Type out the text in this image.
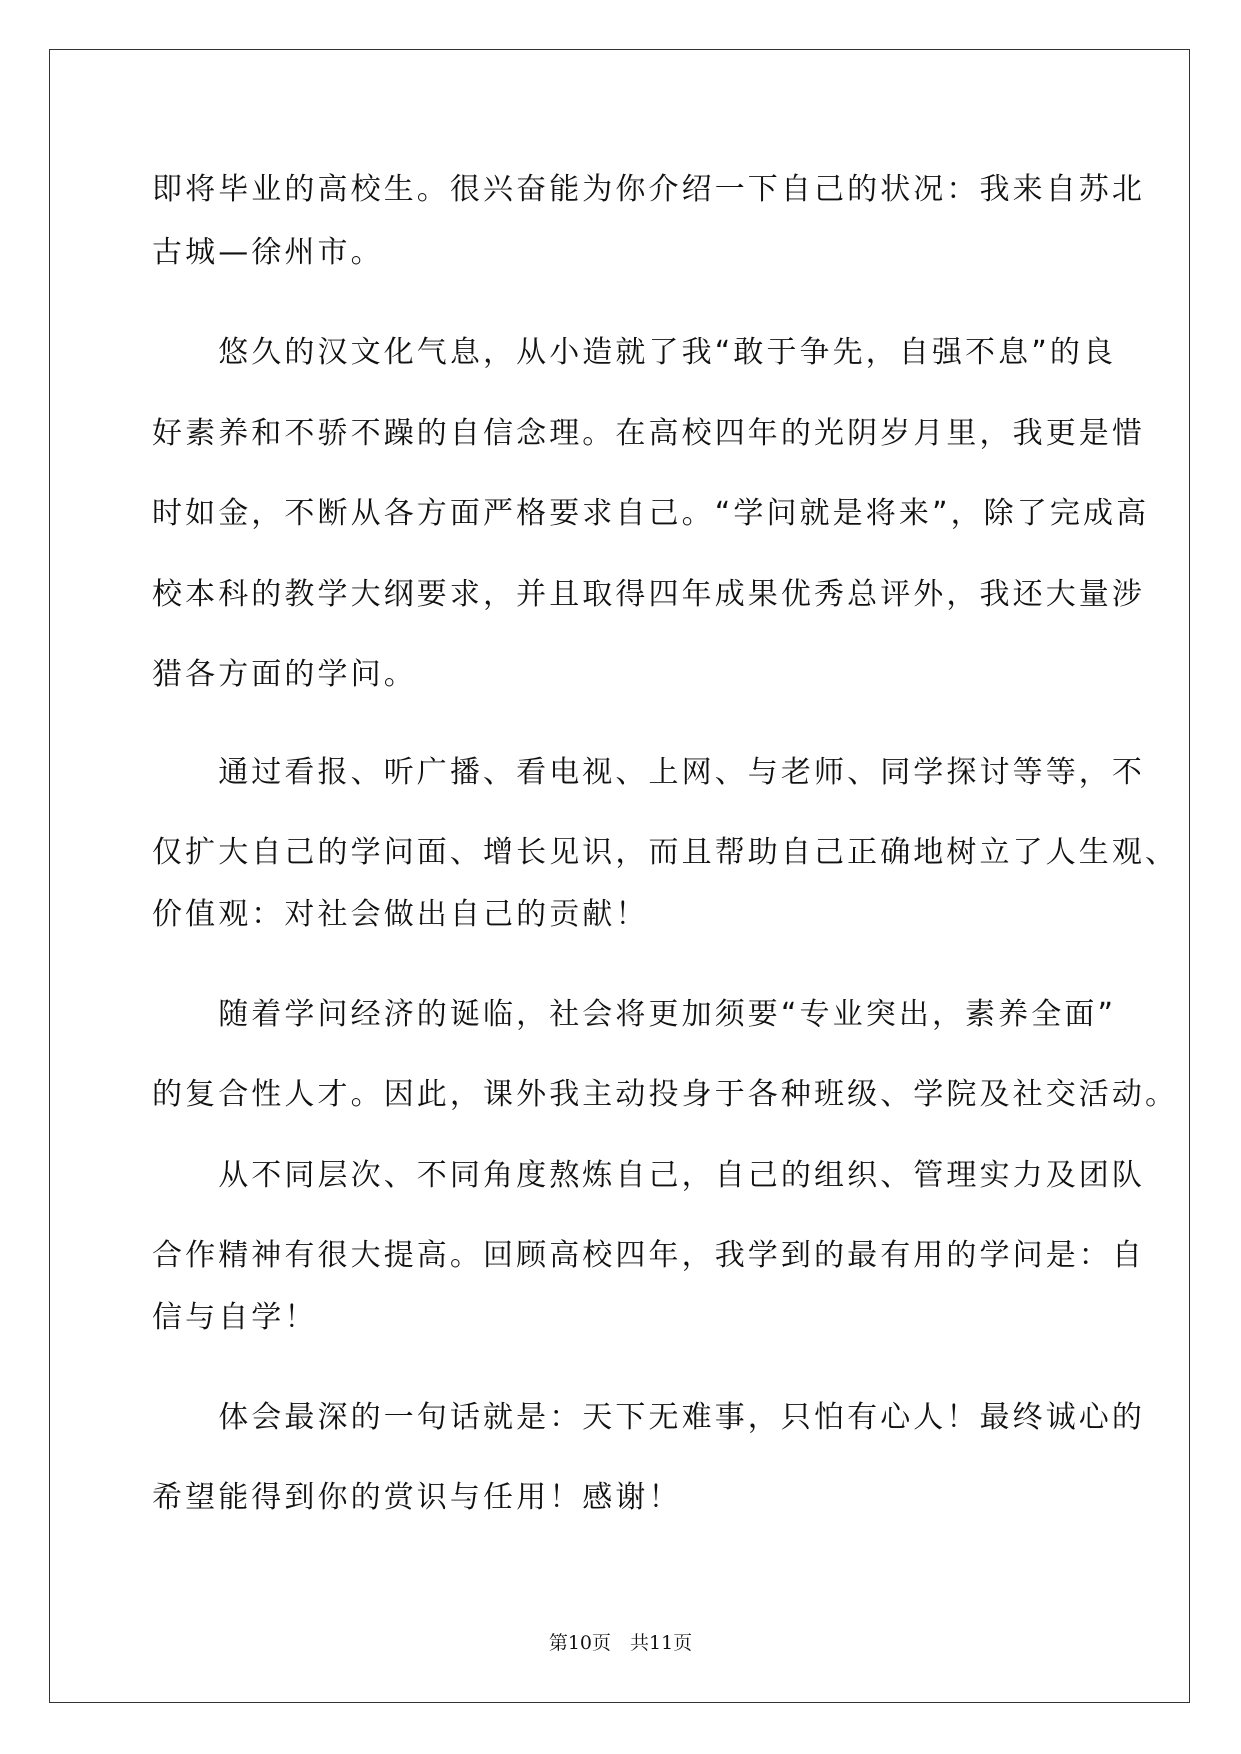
即将毕业的高校生。很兴奋能为你介绍一下自己的状况：我来自苏北
古城—徐州市。
　　悠久的汉文化气息，从小造就了我“敢于争先，自强不息”的良
好素养和不骄不躁的自信念理。在高校四年的光阴岁月里，我更是惜
时如金，不断从各方面严格要求自己。“学问就是将来”，除了完成高
校本科的教学大纲要求，并且取得四年成果优秀总评外，我还大量涉
猎各方面的学问。
　　通过看报、听广播、看电视、上网、与老师、同学探讨等等，不
仅扩大自己的学问面、增长见识，而且帮助自己正确地树立了人生观、
价值观：对社会做出自己的贡献！
　　随着学问经济的诞临，社会将更加须要“专业突出，素养全面”
的复合性人才。因此，课外我主动投身于各种班级、学院及社交活动。
　　从不同层次、不同角度熬炼自己，自己的组织、管理实力及团队
合作精神有很大提高。回顾高校四年，我学到的最有用的学问是：自
信与自学！
　　体会最深的一句话就是：天下无难事，只怕有心人！最终诚心的
希望能得到你的赏识与任用！感谢！
第10页　共11页
